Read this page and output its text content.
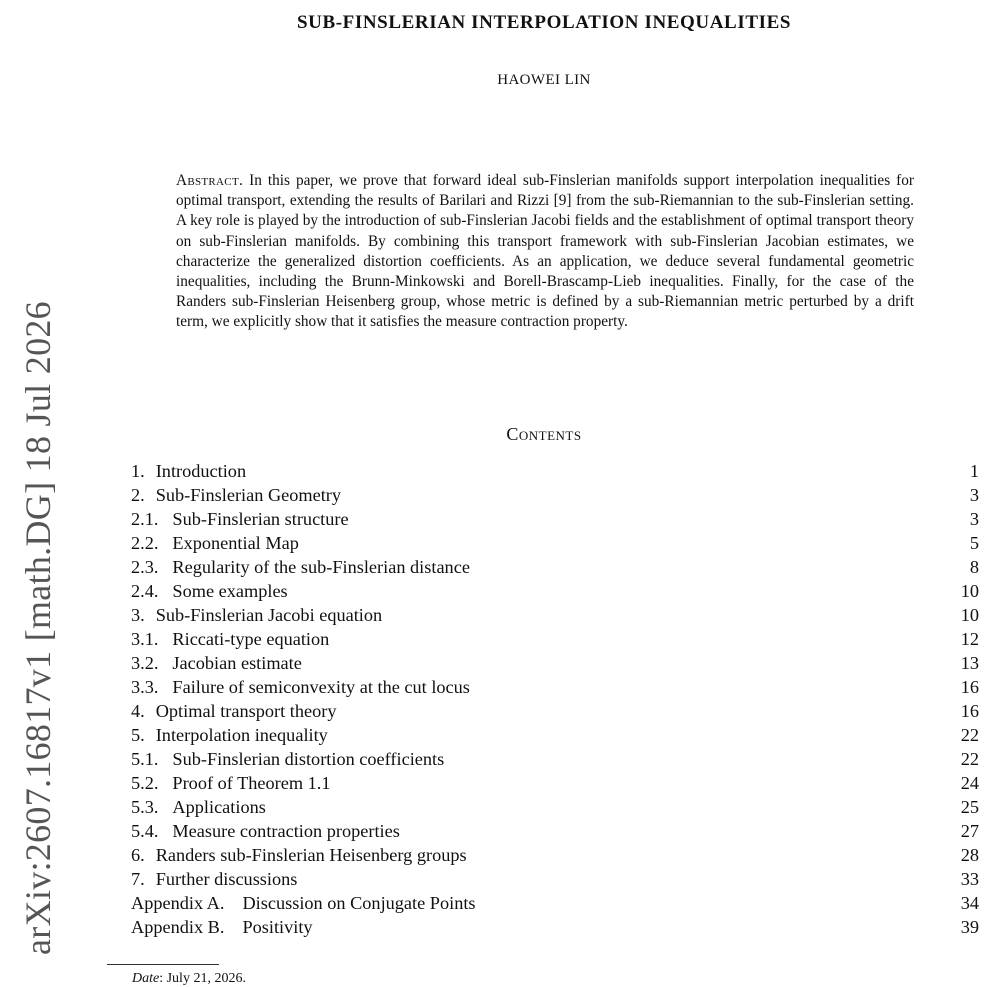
arXiv:2607.16817v1 [math.DG] 18 Jul 2026
SUB-FINSLERIAN INTERPOLATION INEQUALITIES
HAOWEI LIN
Abstract. In this paper, we prove that forward ideal sub-Finslerian manifolds support interpolation inequalities for optimal transport, extending the results of Barilari and Rizzi [9] from the sub-Riemannian to the sub-Finslerian setting. A key role is played by the introduction of sub-Finslerian Jacobi fields and the establishment of optimal transport theory on sub-Finslerian manifolds. By combining this transport framework with sub-Finslerian Jacobian estimates, we characterize the generalized distortion coefficients. As an application, we deduce several fundamental geometric inequalities, including the Brunn-Minkowski and Borell-Brascamp-Lieb inequalities. Finally, for the case of the Randers sub-Finslerian Heisenberg group, whose metric is defined by a sub-Riemannian metric perturbed by a drift term, we explicitly show that it satisfies the measure contraction property.
Contents
1. Introduction	1
2. Sub-Finslerian Geometry	3
2.1. Sub-Finslerian structure	3
2.2. Exponential Map	5
2.3. Regularity of the sub-Finslerian distance	8
2.4. Some examples	10
3. Sub-Finslerian Jacobi equation	10
3.1. Riccati-type equation	12
3.2. Jacobian estimate	13
3.3. Failure of semiconvexity at the cut locus	16
4. Optimal transport theory	16
5. Interpolation inequality	22
5.1. Sub-Finslerian distortion coefficients	22
5.2. Proof of Theorem 1.1	24
5.3. Applications	25
5.4. Measure contraction properties	27
6. Randers sub-Finslerian Heisenberg groups	28
7. Further discussions	33
Appendix A. Discussion on Conjugate Points	34
Appendix B. Positivity	39
Date: July 21, 2026.
